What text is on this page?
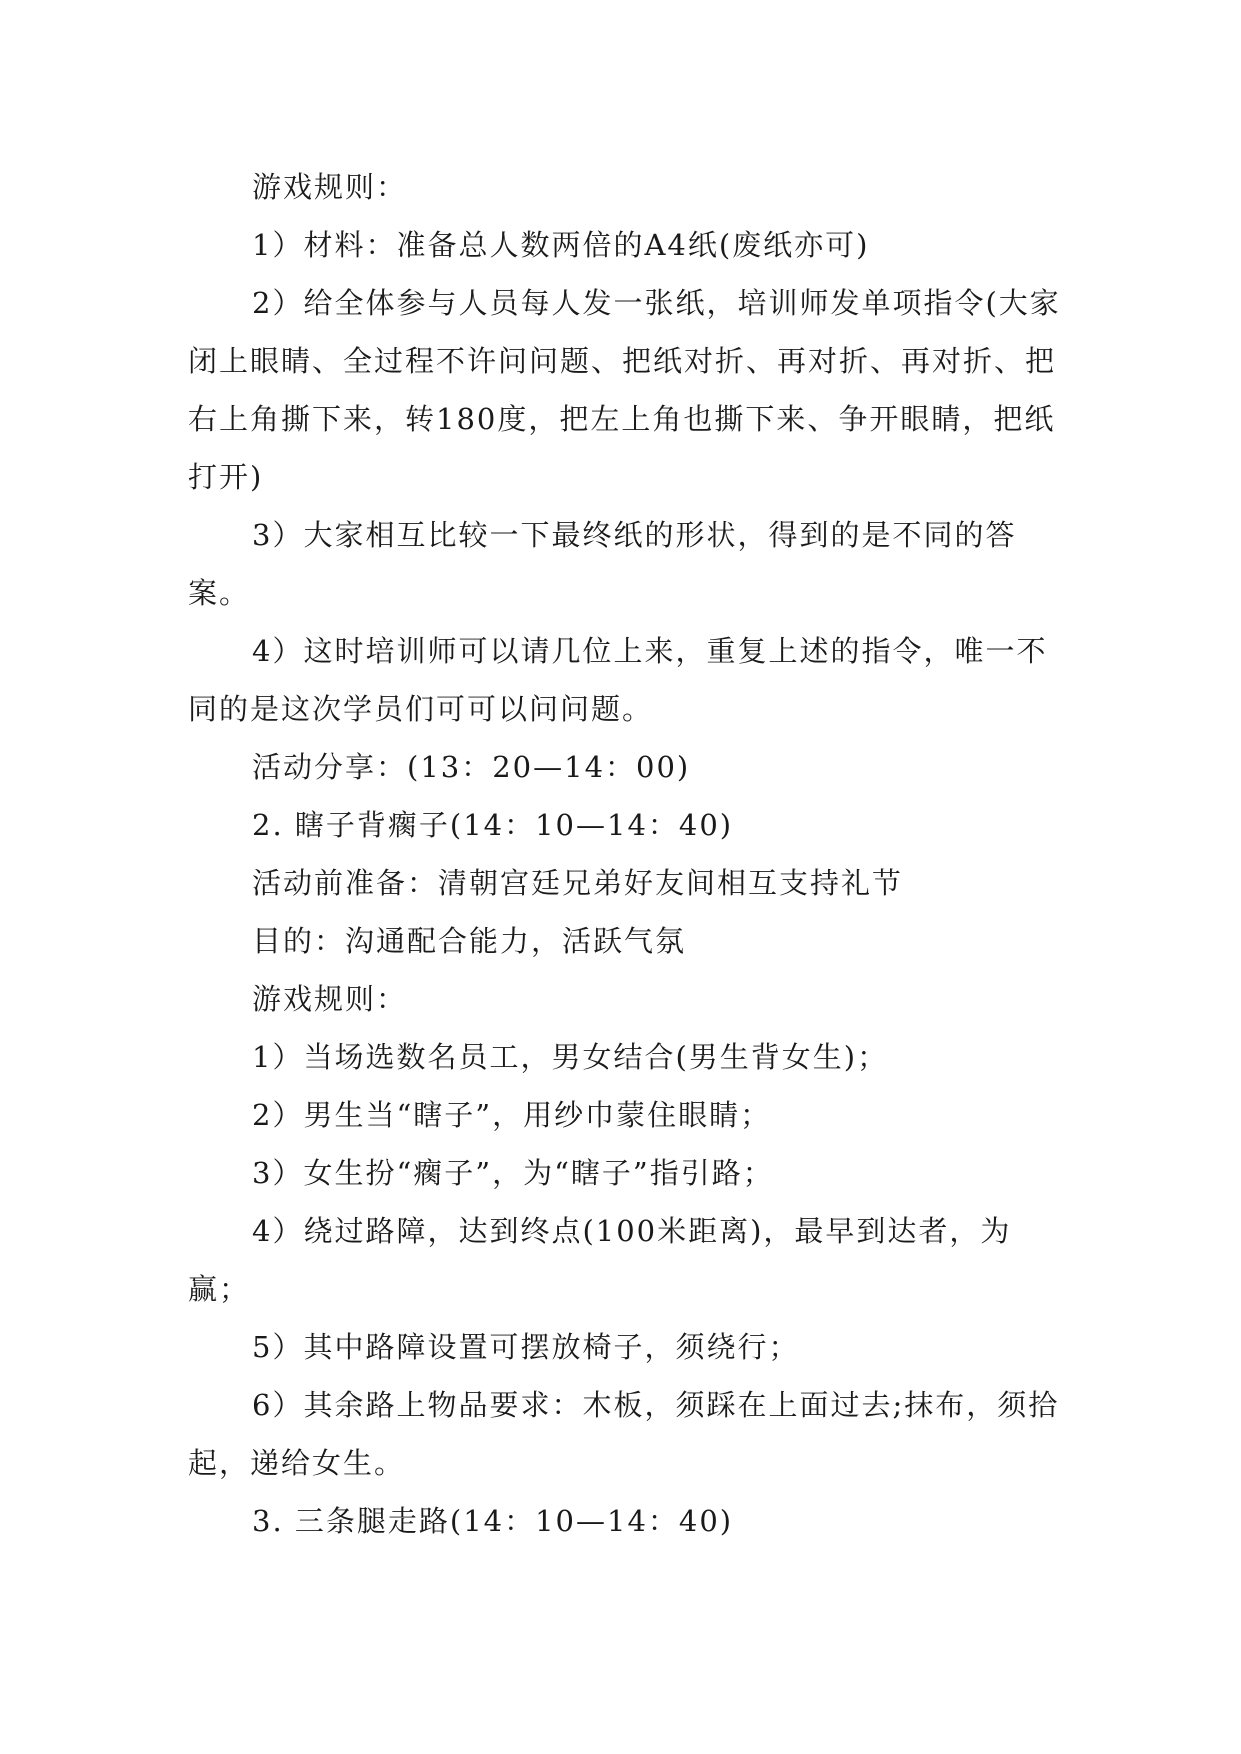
游戏规则：

1）材料：准备总人数两倍的A4纸(废纸亦可)

2）给全体参与人员每人发一张纸，培训师发单项指令(大家闭上眼睛、全过程不许问问题、把纸对折、再对折、再对折、把右上角撕下来，转180度，把左上角也撕下来、争开眼睛，把纸打开)

3）大家相互比较一下最终纸的形状，得到的是不同的答案。

4）这时培训师可以请几位上来，重复上述的指令，唯一不同的是这次学员们可可以问问题。

活动分享：(13：20—14：00)

2. 瞎子背瘸子(14：10—14：40)

活动前准备：清朝宫廷兄弟好友间相互支持礼节

目的：沟通配合能力，活跃气氛

游戏规则：

1）当场选数名员工，男女结合(男生背女生)；

2）男生当“瞎子”，用纱巾蒙住眼睛；

3）女生扮“瘸子”，为“瞎子”指引路；

4）绕过路障，达到终点(100米距离)，最早到达者，为赢；

5）其中路障设置可摆放椅子，须绕行；

6）其余路上物品要求：木板，须踩在上面过去;抹布，须拾起，递给女生。

3. 三条腿走路(14：10—14：40)
